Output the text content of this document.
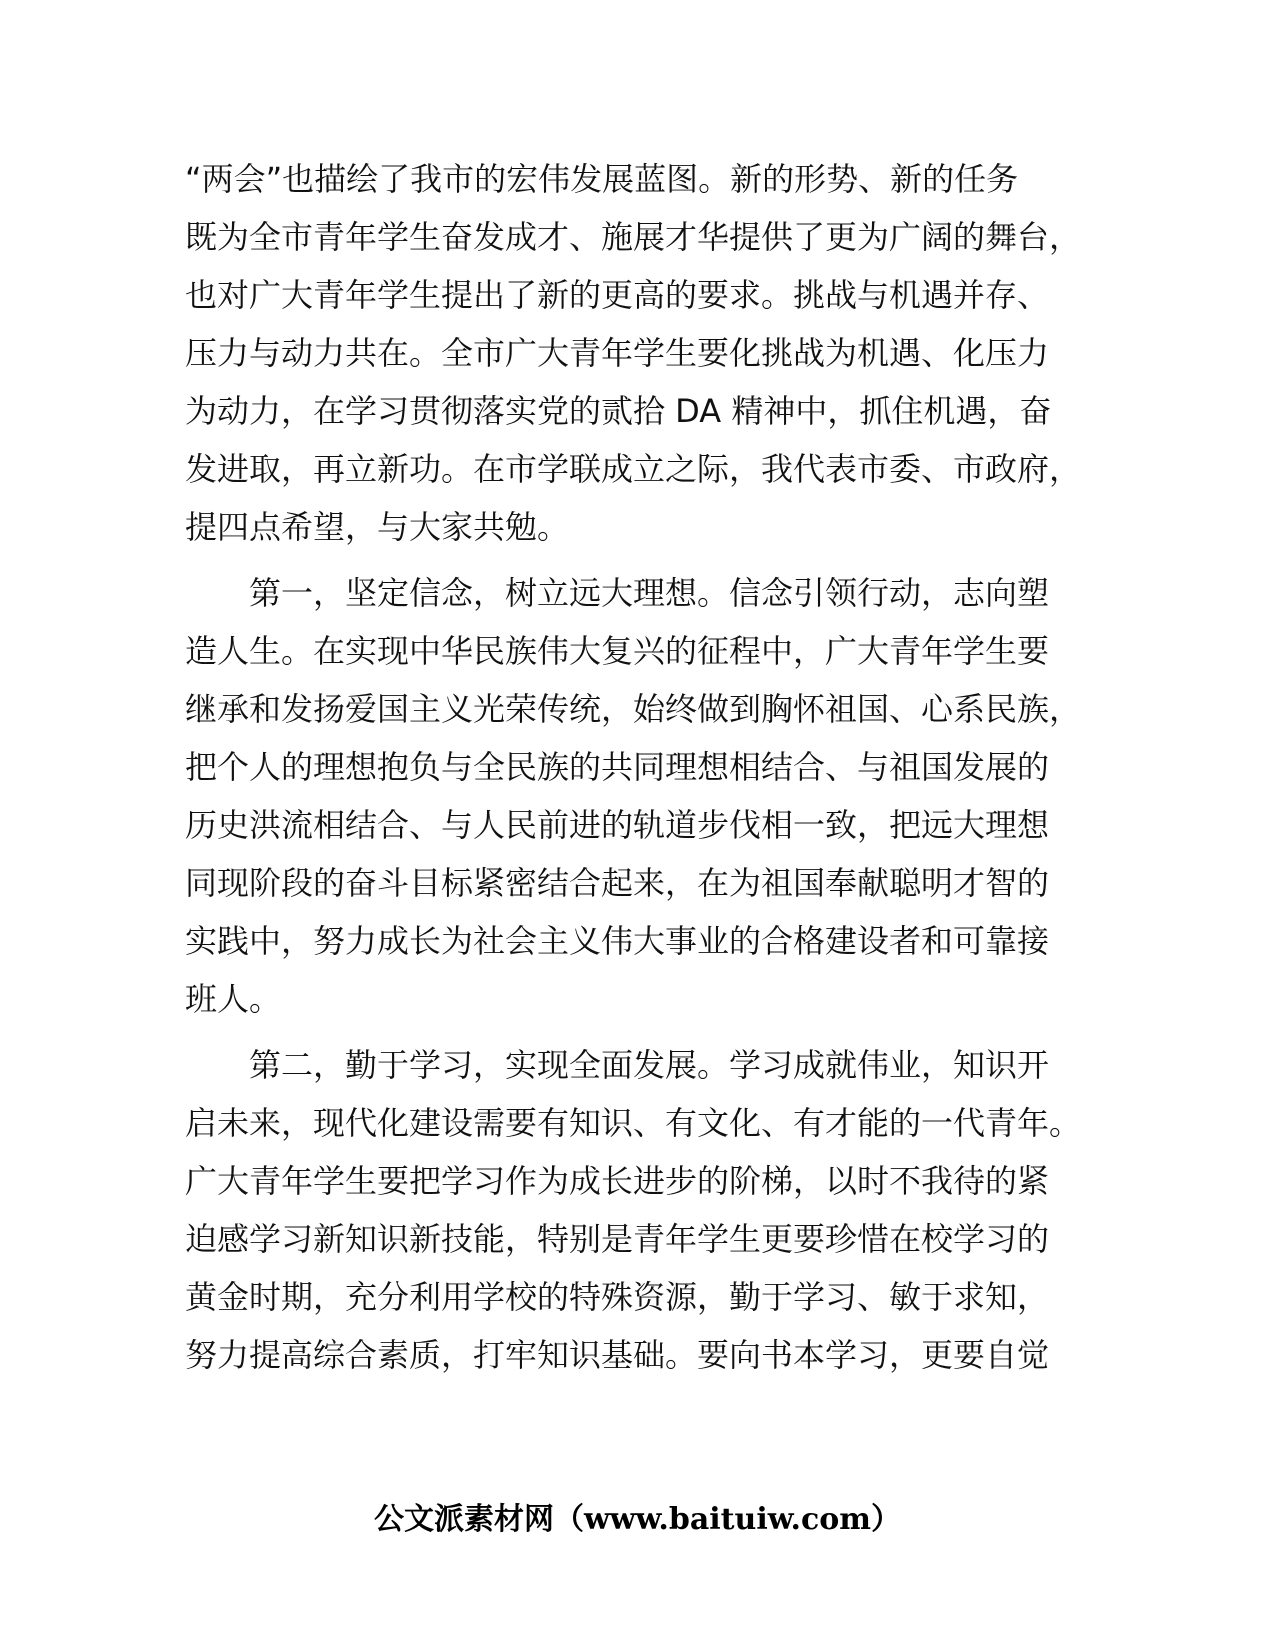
“两会”也描绘了我市的宏伟发展蓝图。新的形势、新的任务
既为全市青年学生奋发成才、施展才华提供了更为广阔的舞台，
也对广大青年学生提出了新的更高的要求。挑战与机遇并存、
压力与动力共在。全市广大青年学生要化挑战为机遇、化压力
为动力，在学习贯彻落实党的贰拾 DA 精神中，抓住机遇，奋
发进取，再立新功。在市学联成立之际，我代表市委、市政府，
提四点希望，与大家共勉。
　　第一，坚定信念，树立远大理想。信念引领行动，志向塑
造人生。在实现中华民族伟大复兴的征程中，广大青年学生要
继承和发扬爱国主义光荣传统，始终做到胸怀祖国、心系民族，
把个人的理想抱负与全民族的共同理想相结合、与祖国发展的
历史洪流相结合、与人民前进的轨道步伐相一致，把远大理想
同现阶段的奋斗目标紧密结合起来，在为祖国奉献聪明才智的
实践中，努力成长为社会主义伟大事业的合格建设者和可靠接
班人。
　　第二，勤于学习，实现全面发展。学习成就伟业，知识开
启未来，现代化建设需要有知识、有文化、有才能的一代青年。
广大青年学生要把学习作为成长进步的阶梯，以时不我待的紧
迫感学习新知识新技能，特别是青年学生更要珍惜在校学习的
黄金时期，充分利用学校的特殊资源，勤于学习、敏于求知，
努力提高综合素质，打牢知识基础。要向书本学习，更要自觉
公文派素材网（www.baituiw.com）
